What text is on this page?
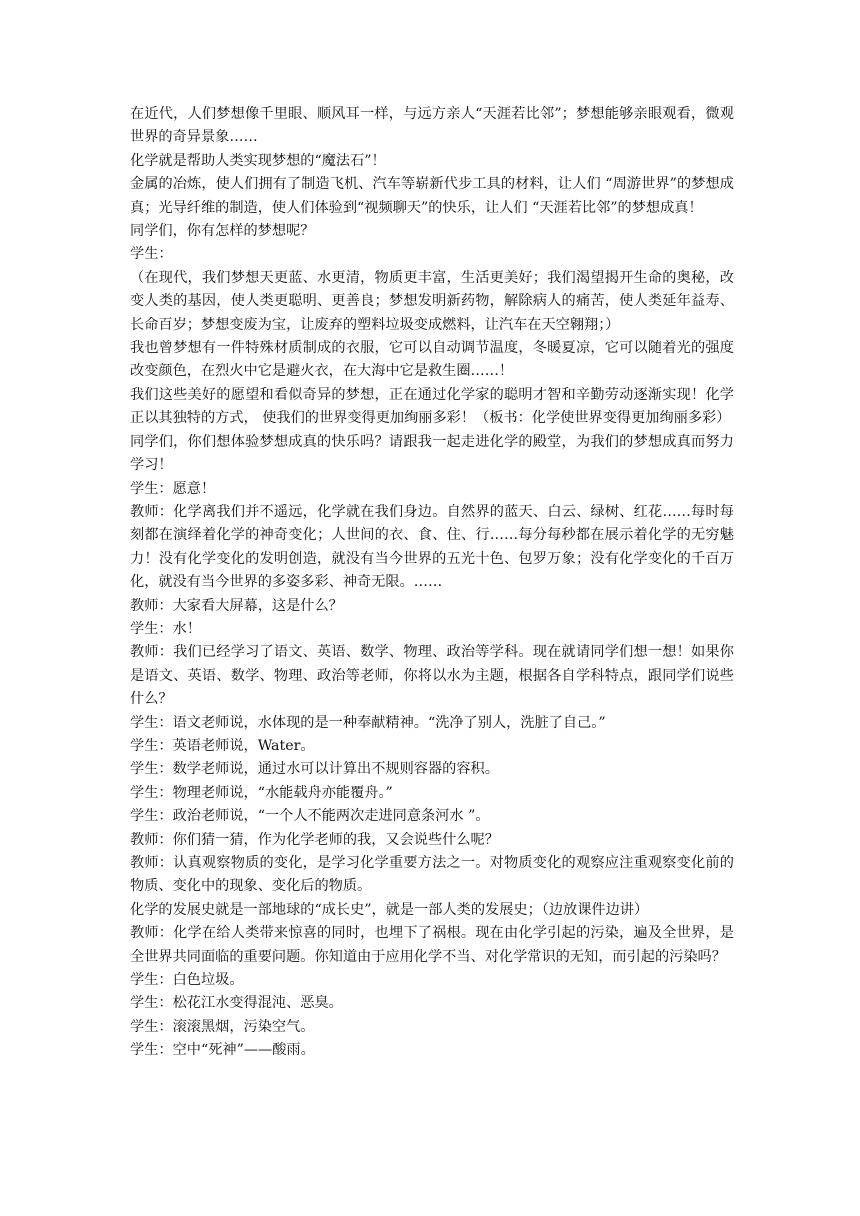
在近代，人们梦想像千里眼、顺风耳一样，与远方亲人“天涯若比邻”；梦想能够亲眼观看，微观世界的奇异景象……

化学就是帮助人类实现梦想的“魔法石”！

金属的冶炼，使人们拥有了制造飞机、汽车等崭新代步工具的材料，让人们 “周游世界”的梦想成真；光导纤维的制造，使人们体验到“视频聊天”的快乐，让人们 “天涯若比邻”的梦想成真！

同学们，你有怎样的梦想呢？

学生：

（在现代，我们梦想天更蓝、水更清，物质更丰富，生活更美好；我们渴望揭开生命的奥秘，改变人类的基因，使人类更聪明、更善良；梦想发明新药物，解除病人的痛苦，使人类延年益寿、长命百岁；梦想变废为宝，让废弃的塑料垃圾变成燃料，让汽车在天空翱翔；）

我也曾梦想有一件特殊材质制成的衣服，它可以自动调节温度，冬暖夏凉，它可以随着光的强度改变颜色，在烈火中它是避火衣，在大海中它是救生圈……！

我们这些美好的愿望和看似奇异的梦想，正在通过化学家的聪明才智和辛勤劳动逐渐实现！化学正以其独特的方式， 使我们的世界变得更加绚丽多彩！（板书：化学使世界变得更加绚丽多彩）

同学们，你们想体验梦想成真的快乐吗？请跟我一起走进化学的殿堂，为我们的梦想成真而努力学习！

学生：愿意！

教师：化学离我们并不遥远，化学就在我们身边。自然界的蓝天、白云、绿树、红花……每时每刻都在演绎着化学的神奇变化；人世间的衣、食、住、行……每分每秒都在展示着化学的无穷魅力！没有化学变化的发明创造，就没有当今世界的五光十色、包罗万象；没有化学变化的千百万化，就没有当今世界的多姿多彩、神奇无限。……

教师：大家看大屏幕，这是什么？

学生：水！

教师：我们已经学习了语文、英语、数学、物理、政治等学科。现在就请同学们想一想！如果你是语文、英语、数学、物理、政治等老师，你将以水为主题，根据各自学科特点，跟同学们说些什么？

学生：语文老师说，水体现的是一种奉献精神。“洗净了别人，洗脏了自己。”

学生：英语老师说，Water。

学生：数学老师说，通过水可以计算出不规则容器的容积。

学生：物理老师说，“水能载舟亦能覆舟。”

学生：政治老师说，“一个人不能两次走进同意条河水 ”。

教师：你们猜一猜，作为化学老师的我，又会说些什么呢？

教师：认真观察物质的变化，是学习化学重要方法之一。对物质变化的观察应注重观察变化前的物质、变化中的现象、变化后的物质。

化学的发展史就是一部地球的“成长史”，就是一部人类的发展史；（边放课件边讲）

教师：化学在给人类带来惊喜的同时，也埋下了祸根。现在由化学引起的污染，遍及全世界，是全世界共同面临的重要问题。你知道由于应用化学不当、对化学常识的无知，而引起的污染吗？

学生：白色垃圾。

学生：松花江水变得混沌、恶臭。

学生：滚滚黑烟，污染空气。

学生：空中“死神”——酸雨。
